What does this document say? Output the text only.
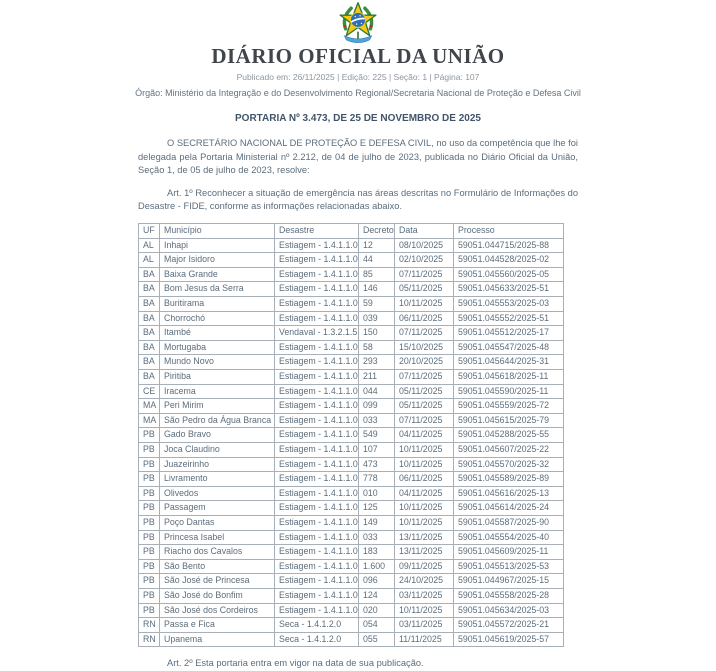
DIÁRIO OFICIAL DA UNIÃO
Publicado em: 26/11/2025 | Edição: 225 | Seção: 1 | Página: 107
Órgão: Ministério da Integração e do Desenvolvimento Regional/Secretaria Nacional de Proteção e Defesa Civil
PORTARIA Nº 3.473, DE 25 DE NOVEMBRO DE 2025

O SECRETÁRIO NACIONAL DE PROTEÇÃO E DEFESA CIVIL, no uso da competência que lhe foi delegada pela Portaria Ministerial nº 2.212, de 04 de julho de 2023, publicada no Diário Oficial da União, Seção 1, de 05 de julho de 2023, resolve:

Art. 1º Reconhecer a situação de emergência nas áreas descritas no Formulário de Informações do Desastre - FIDE, conforme as informações relacionadas abaixo.

UF	Município	Desastre	Decreto	Data	Processo
AL	Inhapi	Estiagem - 1.4.1.1.0	12	08/10/2025	59051.044715/2025-88
AL	Major Isidoro	Estiagem - 1.4.1.1.0	44	02/10/2025	59051.044528/2025-02
BA	Baixa Grande	Estiagem - 1.4.1.1.0	85	07/11/2025	59051.045560/2025-05
BA	Bom Jesus da Serra	Estiagem - 1.4.1.1.0	146	05/11/2025	59051.045633/2025-51
BA	Buritirama	Estiagem - 1.4.1.1.0	59	10/11/2025	59051.045553/2025-03
BA	Chorrochó	Estiagem - 1.4.1.1.0	039	06/11/2025	59051.045552/2025-51
BA	Itambé	Vendaval - 1.3.2.1.5	150	07/11/2025	59051.045512/2025-17
BA	Mortugaba	Estiagem - 1.4.1.1.0	58	15/10/2025	59051.045547/2025-48
BA	Mundo Novo	Estiagem - 1.4.1.1.0	293	20/10/2025	59051.045644/2025-31
BA	Piritiba	Estiagem - 1.4.1.1.0	211	07/11/2025	59051.045618/2025-11
CE	Iracema	Estiagem - 1.4.1.1.0	044	05/11/2025	59051.045590/2025-11
MA	Peri Mirim	Estiagem - 1.4.1.1.0	099	05/11/2025	59051.045559/2025-72
MA	São Pedro da Água Branca	Estiagem - 1.4.1.1.0	033	07/11/2025	59051.045615/2025-79
PB	Gado Bravo	Estiagem - 1.4.1.1.0	549	04/11/2025	59051.045288/2025-55
PB	Joca Claudino	Estiagem - 1.4.1.1.0	107	10/11/2025	59051.045607/2025-22
PB	Juazeirinho	Estiagem - 1.4.1.1.0	473	10/11/2025	59051.045570/2025-32
PB	Livramento	Estiagem - 1.4.1.1.0	778	06/11/2025	59051.045589/2025-89
PB	Olivedos	Estiagem - 1.4.1.1.0	010	04/11/2025	59051.045616/2025-13
PB	Passagem	Estiagem - 1.4.1.1.0	125	10/11/2025	59051.045614/2025-24
PB	Poço Dantas	Estiagem - 1.4.1.1.0	149	10/11/2025	59051.045587/2025-90
PB	Princesa Isabel	Estiagem - 1.4.1.1.0	033	13/11/2025	59051.045554/2025-40
PB	Riacho dos Cavalos	Estiagem - 1.4.1.1.0	183	13/11/2025	59051.045609/2025-11
PB	São Bento	Estiagem - 1.4.1.1.0	1.600	09/11/2025	59051.045513/2025-53
PB	São José de Princesa	Estiagem - 1.4.1.1.0	096	24/10/2025	59051.044967/2025-15
PB	São José do Bonfim	Estiagem - 1.4.1.1.0	124	03/11/2025	59051.045558/2025-28
PB	São José dos Cordeiros	Estiagem - 1.4.1.1.0	020	10/11/2025	59051.045634/2025-03
RN	Passa e Fica	Seca - 1.4.1.2.0	054	03/11/2025	59051.045572/2025-21
RN	Upanema	Seca - 1.4.1.2.0	055	11/11/2025	59051.045619/2025-57

Art. 2º Esta portaria entra em vigor na data de sua publicação.
